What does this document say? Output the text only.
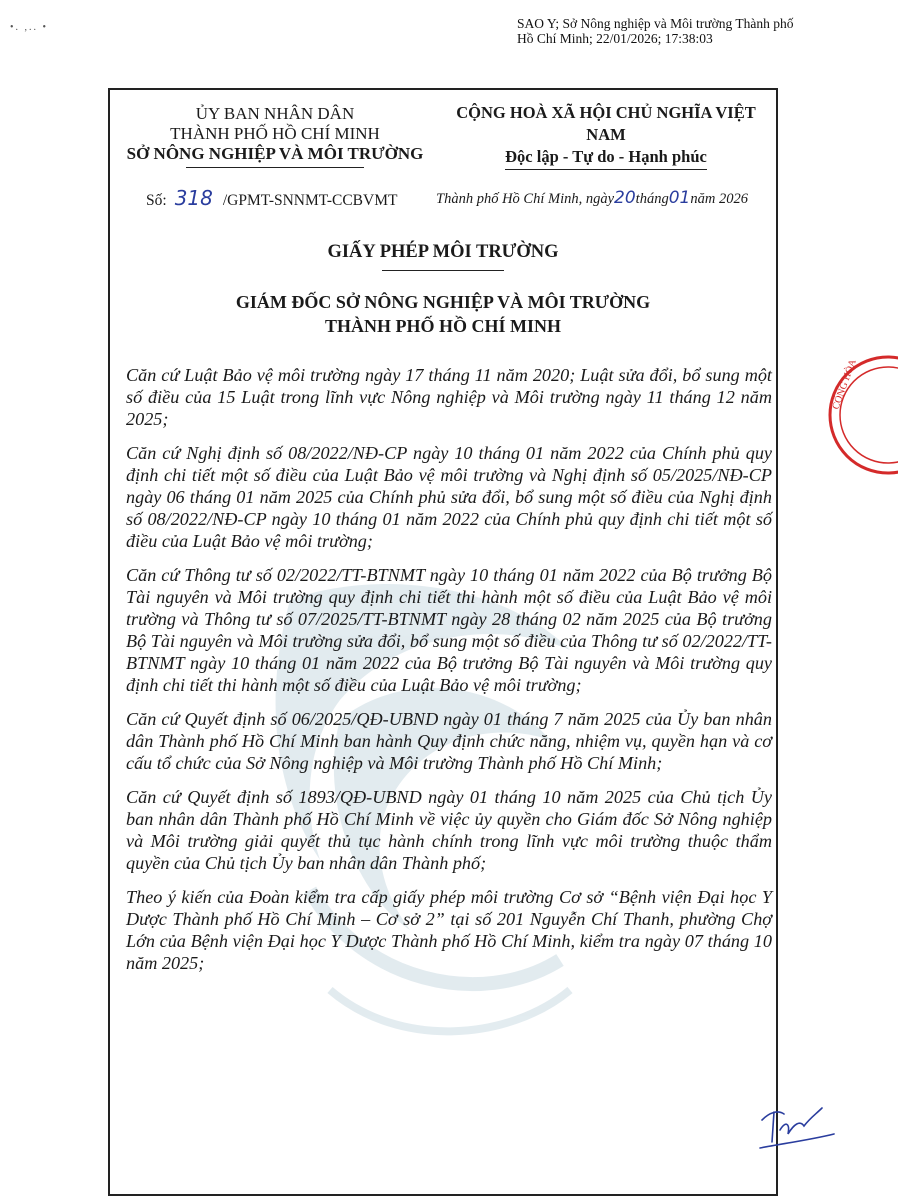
•. ,.. •	SAO Y; Sở Nông nghiệp và Môi trường Thành phố
Hồ Chí Minh; 22/01/2026; 17:38:03
ỦY BAN NHÂN DÂN
THÀNH PHỐ HỒ CHÍ MINH
SỞ NÔNG NGHIỆP VÀ MÔI TRƯỜNG
CỘNG HOÀ XÃ HỘI CHỦ NGHĨA VIỆT NAM
Độc lập - Tự do - Hạnh phúc
Số: 318 /GPMT-SNNMT-CCBVMT	Thành phố Hồ Chí Minh, ngày20tháng01năm 2026
GIẤY PHÉP MÔI TRƯỜNG
GIÁM ĐỐC SỞ NÔNG NGHIỆP VÀ MÔI TRƯỜNG
THÀNH PHỐ HỒ CHÍ MINH

Căn cứ Luật Bảo vệ môi trường ngày 17 tháng 11 năm 2020; Luật sửa đổi, bổ sung một số điều của 15 Luật trong lĩnh vực Nông nghiệp và Môi trường ngày 11 tháng 12 năm 2025;

Căn cứ Nghị định số 08/2022/NĐ-CP ngày 10 tháng 01 năm 2022 của Chính phủ quy định chi tiết một số điều của Luật Bảo vệ môi trường và Nghị định số 05/2025/NĐ-CP ngày 06 tháng 01 năm 2025 của Chính phủ sửa đổi, bổ sung một số điều của Nghị định số 08/2022/NĐ-CP ngày 10 tháng 01 năm 2022 của Chính phủ quy định chi tiết một số điều của Luật Bảo vệ môi trường;

Căn cứ Thông tư số 02/2022/TT-BTNMT ngày 10 tháng 01 năm 2022 của Bộ trưởng Bộ Tài nguyên và Môi trường quy định chi tiết thi hành một số điều của Luật Bảo vệ môi trường và Thông tư số 07/2025/TT-BTNMT ngày 28 tháng 02 năm 2025 của Bộ trưởng Bộ Tài nguyên và Môi trường sửa đổi, bổ sung một số điều của Thông tư số 02/2022/TT-BTNMT ngày 10 tháng 01 năm 2022 của Bộ trưởng Bộ Tài nguyên và Môi trường quy định chi tiết thi hành một số điều của Luật Bảo vệ môi trường;

Căn cứ Quyết định số 06/2025/QĐ-UBND ngày 01 tháng 7 năm 2025 của Ủy ban nhân dân Thành phố Hồ Chí Minh ban hành Quy định chức năng, nhiệm vụ, quyền hạn và cơ cấu tổ chức của Sở Nông nghiệp và Môi trường Thành phố Hồ Chí Minh;

Căn cứ Quyết định số 1893/QĐ-UBND ngày 01 tháng 10 năm 2025 của Chủ tịch Ủy ban nhân dân Thành phố Hồ Chí Minh về việc ủy quyền cho Giám đốc Sở Nông nghiệp và Môi trường giải quyết thủ tục hành chính trong lĩnh vực môi trường thuộc thẩm quyền của Chủ tịch Ủy ban nhân dân Thành phố;

Theo ý kiến của Đoàn kiểm tra cấp giấy phép môi trường Cơ sở “Bệnh viện Đại học Y Dược Thành phố Hồ Chí Minh – Cơ sở 2” tại số 201 Nguyễn Chí Thanh, phường Chợ Lớn của Bệnh viện Đại học Y Dược Thành phố Hồ Chí Minh, kiểm tra ngày 07 tháng 10 năm 2025;

CỘNG HÒA
